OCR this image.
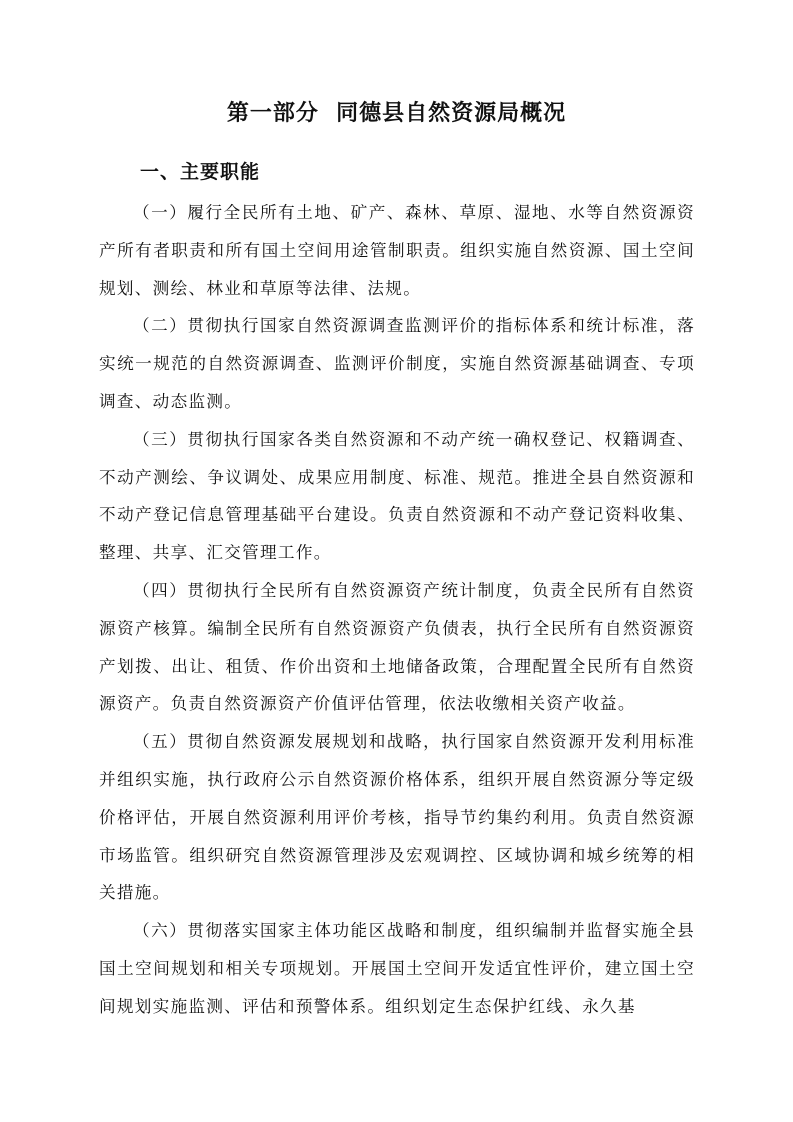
第一部分  同德县自然资源局概况
一、主要职能

（一）履行全民所有土地、矿产、森林、草原、湿地、水等自然资源资产所有者职责和所有国土空间用途管制职责。组织实施自然资源、国土空间规划、测绘、林业和草原等法律、法规。

（二）贯彻执行国家自然资源调查监测评价的指标体系和统计标准，落实统一规范的自然资源调查、监测评价制度，实施自然资源基础调查、专项调查、动态监测。

（三）贯彻执行国家各类自然资源和不动产统一确权登记、权籍调查、不动产测绘、争议调处、成果应用制度、标准、规范。推进全县自然资源和不动产登记信息管理基础平台建设。负责自然资源和不动产登记资料收集、整理、共享、汇交管理工作。

（四）贯彻执行全民所有自然资源资产统计制度，负责全民所有自然资源资产核算。编制全民所有自然资源资产负债表，执行全民所有自然资源资产划拨、出让、租赁、作价出资和土地储备政策，合理配置全民所有自然资源资产。负责自然资源资产价值评估管理，依法收缴相关资产收益。

（五）贯彻自然资源发展规划和战略，执行国家自然资源开发利用标准并组织实施，执行政府公示自然资源价格体系，组织开展自然资源分等定级价格评估，开展自然资源利用评价考核，指导节约集约利用。负责自然资源市场监管。组织研究自然资源管理涉及宏观调控、区域协调和城乡统筹的相关措施。

（六）贯彻落实国家主体功能区战略和制度，组织编制并监督实施全县国土空间规划和相关专项规划。开展国土空间开发适宜性评价，建立国土空间规划实施监测、评估和预警体系。组织划定生态保护红线、永久基
